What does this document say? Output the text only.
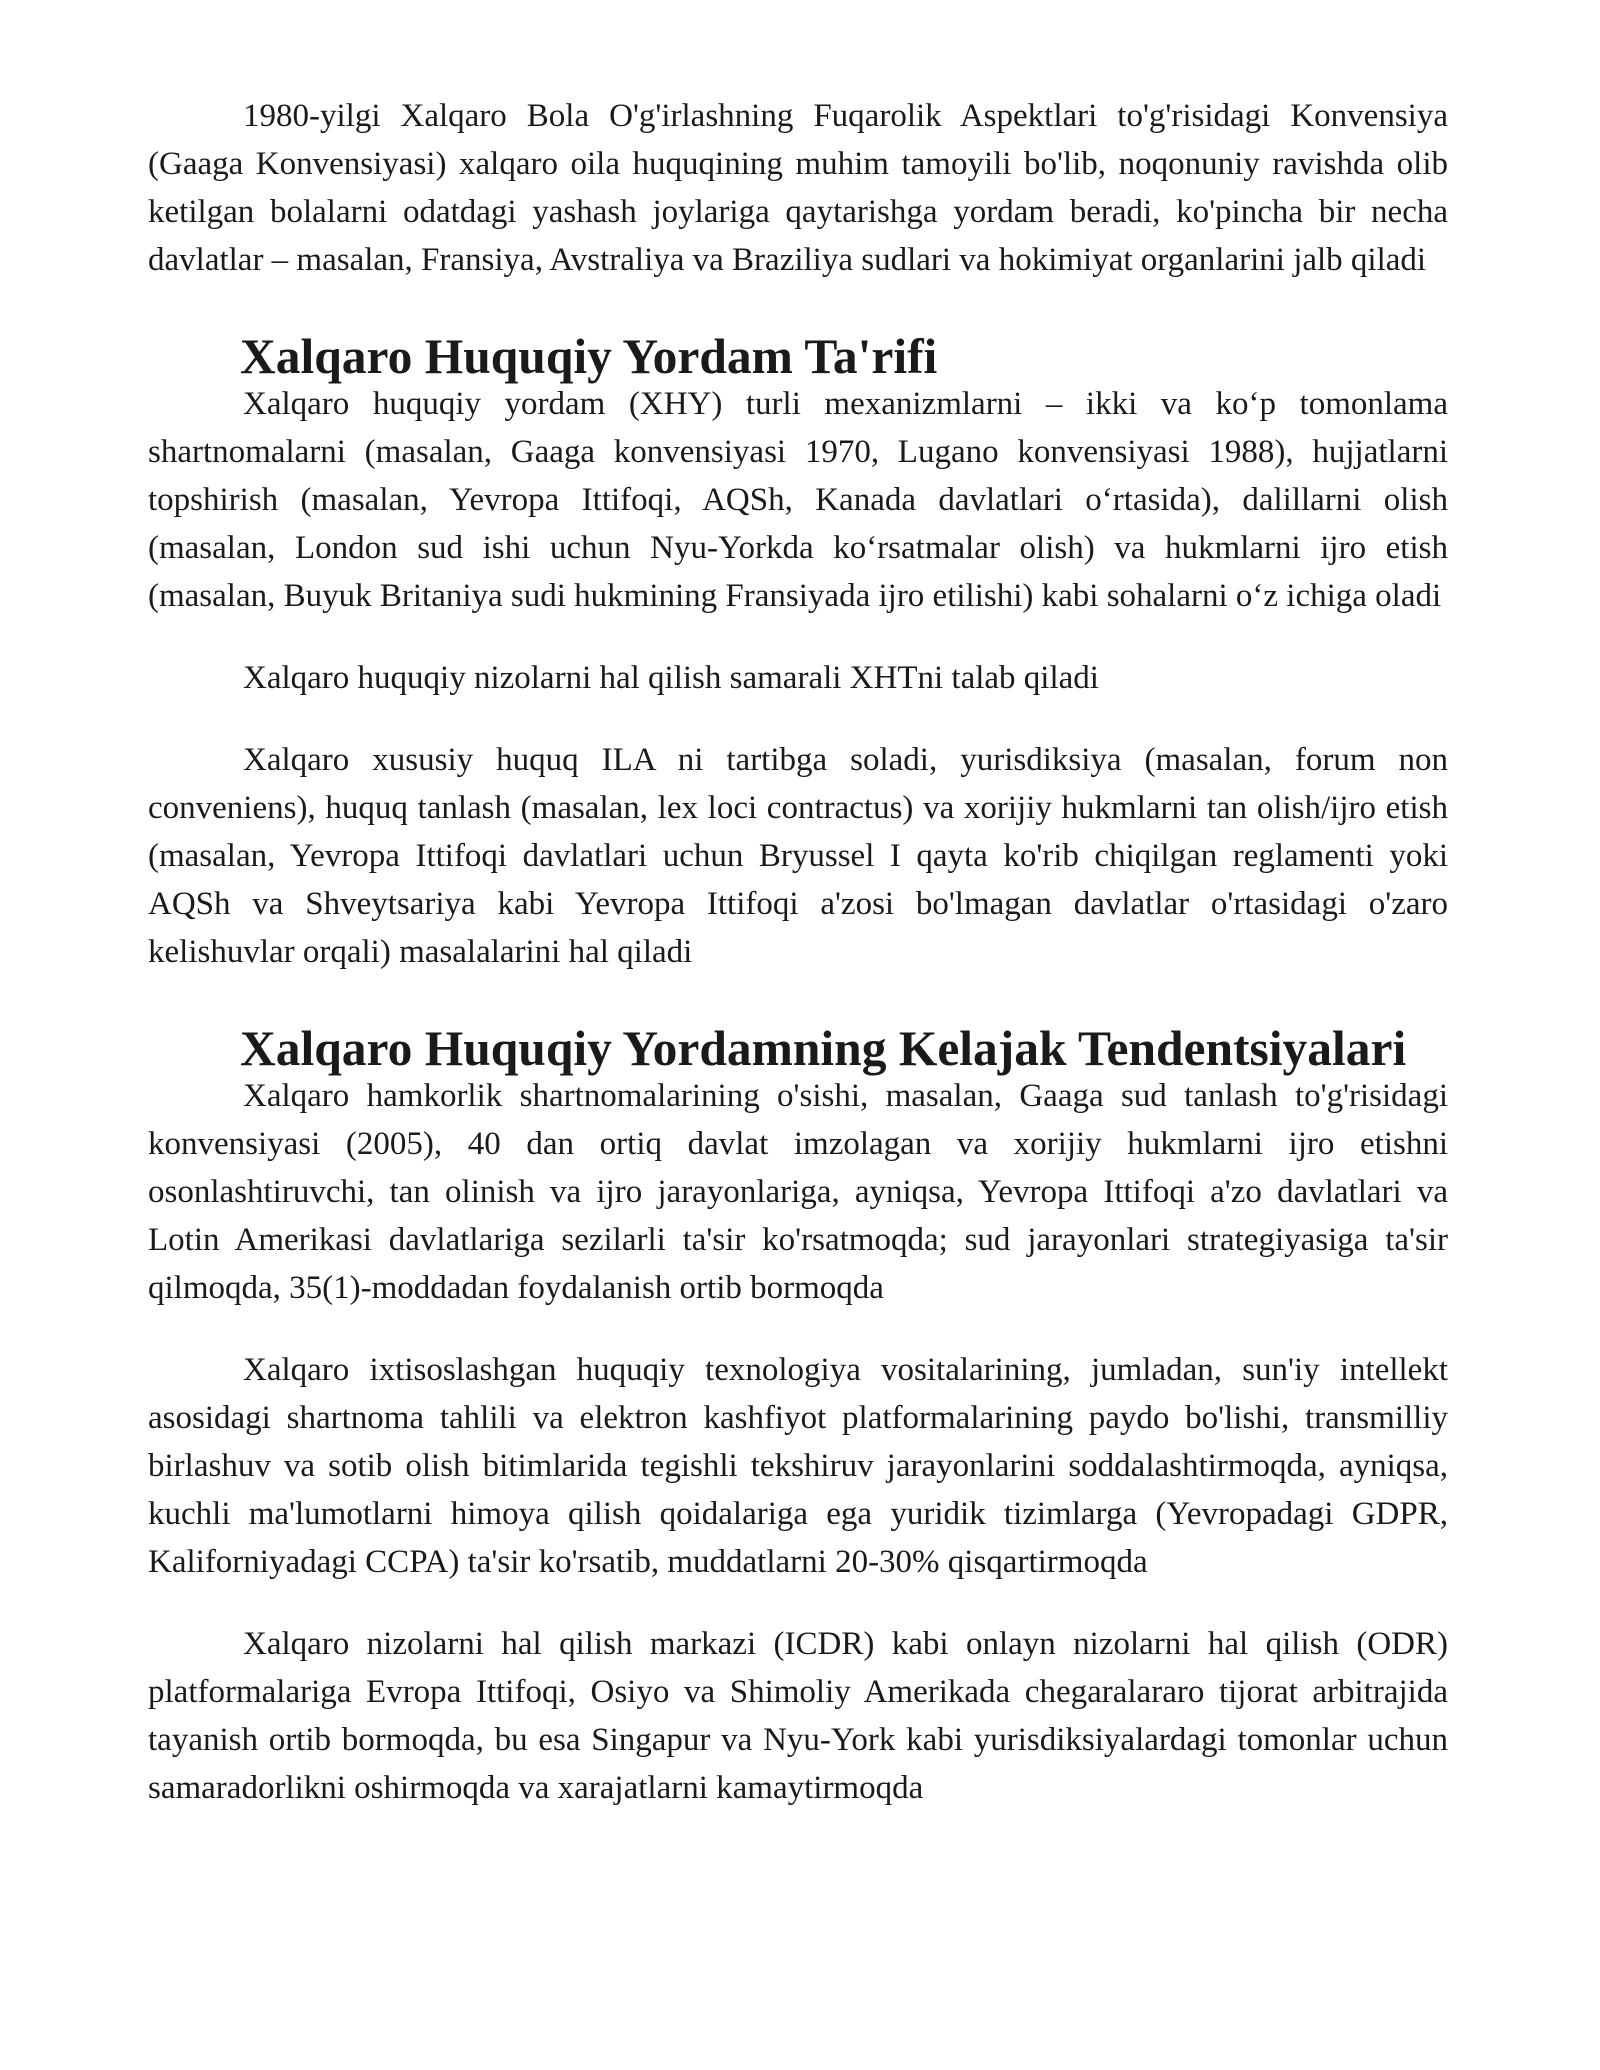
1980-yilgi Xalqaro Bola O'g'irlashning Fuqarolik Aspektlari to'g'risidagi Konvensiya (Gaaga Konvensiyasi) xalqaro oila huquqining muhim tamoyili bo'lib, noqonuniy ravishda olib ketilgan bolalarni odatdagi yashash joylariga qaytarishga yordam beradi, ko'pincha bir necha davlatlar – masalan, Fransiya, Avstraliya va Braziliya sudlari va hokimiyat organlarini jalb qiladi

Xalqaro Huquqiy Yordam Ta'rifi

Xalqaro huquqiy yordam (XHY) turli mexanizmlarni – ikki va ko‘p tomonlama shartnomalarni (masalan, Gaaga konvensiyasi 1970, Lugano konvensiyasi 1988), hujjatlarni topshirish (masalan, Yevropa Ittifoqi, AQSh, Kanada davlatlari o‘rtasida), dalillarni olish (masalan, London sud ishi uchun Nyu-Yorkda ko‘rsatmalar olish) va hukmlarni ijro etish (masalan, Buyuk Britaniya sudi hukmining Fransiyada ijro etilishi) kabi sohalarni o‘z ichiga oladi

Xalqaro huquqiy nizolarni hal qilish samarali XHTni talab qiladi

Xalqaro xususiy huquq ILA ni tartibga soladi, yurisdiksiya (masalan, forum non conveniens), huquq tanlash (masalan, lex loci contractus) va xorijiy hukmlarni tan olish/ijro etish (masalan, Yevropa Ittifoqi davlatlari uchun Bryussel I qayta ko'rib chiqilgan reglamenti yoki AQSh va Shveytsariya kabi Yevropa Ittifoqi a'zosi bo'lmagan davlatlar o'rtasidagi o'zaro kelishuvlar orqali) masalalarini hal qiladi

Xalqaro Huquqiy Yordamning Kelajak Tendentsiyalari

Xalqaro hamkorlik shartnomalarining o'sishi, masalan, Gaaga sud tanlash to'g'risidagi konvensiyasi (2005), 40 dan ortiq davlat imzolagan va xorijiy hukmlarni ijro etishni osonlashtiruvchi, tan olinish va ijro jarayonlariga, ayniqsa, Yevropa Ittifoqi a'zo davlatlari va Lotin Amerikasi davlatlariga sezilarli ta'sir ko'rsatmoqda; sud jarayonlari strategiyasiga ta'sir qilmoqda, 35(1)-moddadan foydalanish ortib bormoqda

Xalqaro ixtisoslashgan huquqiy texnologiya vositalarining, jumladan, sun'iy intellekt asosidagi shartnoma tahlili va elektron kashfiyot platformalarining paydo bo'lishi, transmilliy birlashuv va sotib olish bitimlarida tegishli tekshiruv jarayonlarini soddalashtirmoqda, ayniqsa, kuchli ma'lumotlarni himoya qilish qoidalariga ega yuridik tizimlarga (Yevropadagi GDPR, Kaliforniyadagi CCPA) ta'sir ko'rsatib, muddatlarni 20-30% qisqartirmoqda

Xalqaro nizolarni hal qilish markazi (ICDR) kabi onlayn nizolarni hal qilish (ODR) platformalariga Evropa Ittifoqi, Osiyo va Shimoliy Amerikada chegaralararo tijorat arbitrajida tayanish ortib bormoqda, bu esa Singapur va Nyu-York kabi yurisdiksiyalardagi tomonlar uchun samaradorlikni oshirmoqda va xarajatlarni kamaytirmoqda
